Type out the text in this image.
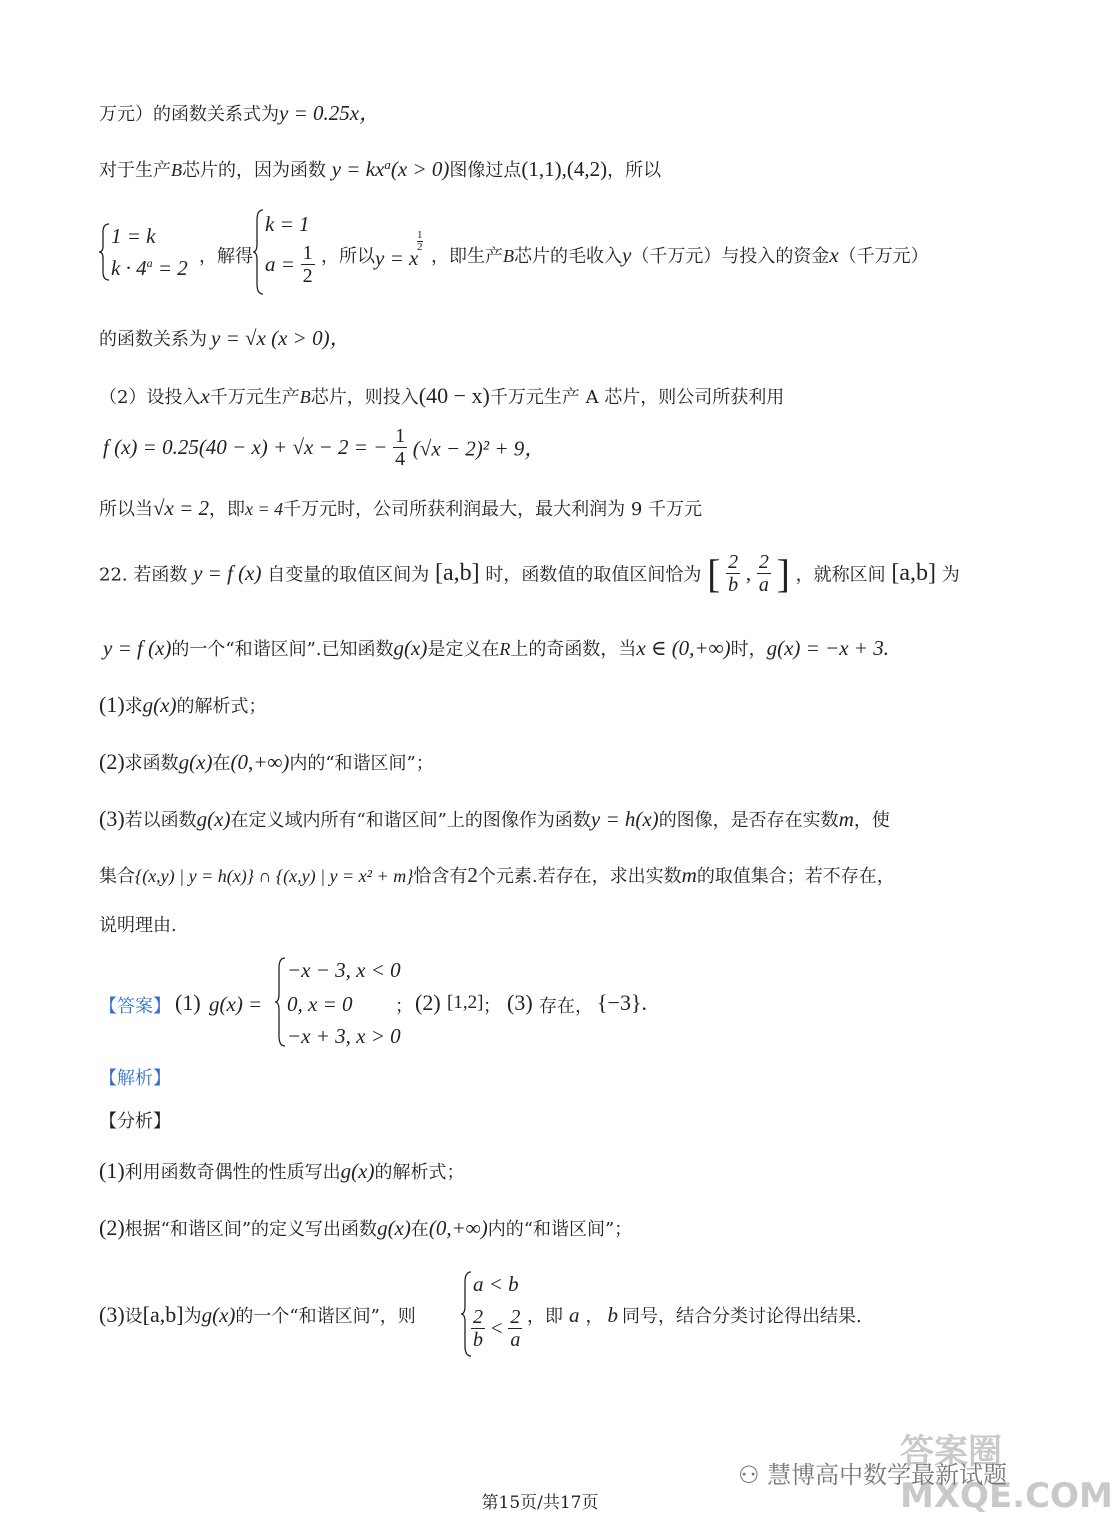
万元）的函数关系式为y = 0.25x，
对于生产B芯片的，因为函数 $y = kx^a(x > 0)$图像过点(1,1),(4,2)，所以
1 = k
$k \cdot 4^a = 2$ ，解得
k = 1
$a = \frac{1}{2}$ ，所以 y = x
$\frac{1}{2}$
，即生产B芯片的毛收入y（千万元）与投入的资金x（千万元）
的函数关系为 y = √x (x > 0)，
（2）设投入x千万元生产B芯片，则投入(40 − x)千万元生产 A 芯片，则公司所获利用
f (x) = 0.25(40 − x) + √x − 2 = − $\frac{1}{4} (√x - 2)^2 + 9$，
所以当√x = 2，即x = 4千万元时，公司所获利润最大，最大利润为 9 千万元
22. 若函数 y = f (x) 自变量的取值区间为 [a,b] 时，函数值的取值区间恰为 [ $\frac{2}{b}$ , $\frac{2}{a}$ ] ，就称区间 [a,b] 为
y = f (x)的一个“和谐区间”.已知函数g(x)是定义在R上的奇函数，当x ∈ (0,+∞)时，g(x) = −x + 3.
(1)求g(x)的解析式；
(2)求函数g(x)在(0,+∞)内的“和谐区间”；
(3)若以函数g(x)在定义域内所有“和谐区间”上的图像作为函数y = h(x)的图像，是否存在实数m，使
集合{(x,y) | y = h(x)} ∩ {(x,y) | y = x² + m}恰含有2个元素.若存在，求出实数m的取值集合；若不存在，
说明理由.
【答案】 (1) g(x) =
−x − 3, x < 0
0, x = 0
−x + 3, x > 0
； (2) [1,2] ； (3) 存在， {−3}.
【解析】
【分析】
(1)利用函数奇偶性的性质写出g(x)的解析式；
(2)根据“和谐区间”的定义写出函数g(x)在(0,+∞)内的“和谐区间”；
(3)设[a,b]为g(x)的一个“和谐区间”，则
a < b
$\frac{2}{b} < \frac{2}{a}$ ，即 a ， b 同号，结合分类讨论得出结果.
答案圈 MXQE.COM
⚇ 慧博高中数学最新试题
第15页/共17页
